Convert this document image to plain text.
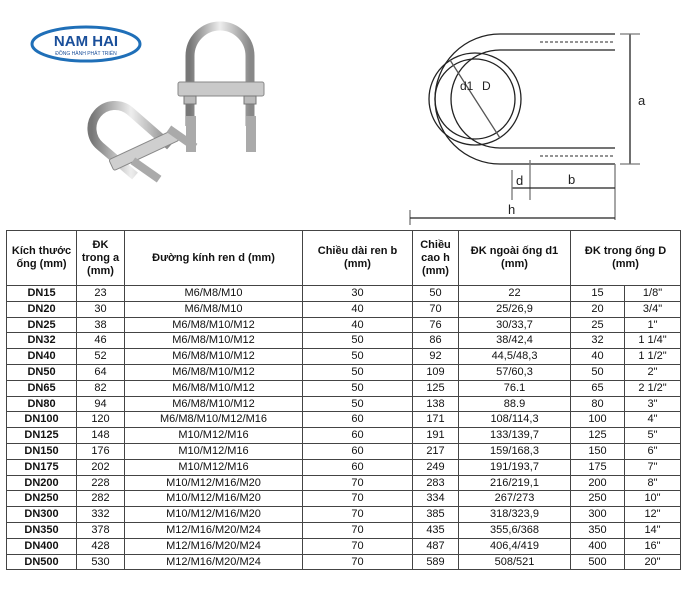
NAM HAI
ĐỒNG HÀNH PHÁT TRIỂN
d1 D
a
d	b
h
Kích thước ống (mm)	ĐK trong a (mm)	Đường kính ren d (mm)	Chiều dài ren b (mm)	Chiều cao h (mm)	ĐK ngoài ống d1 (mm)	ĐK trong ống D (mm)	
DN15	23	M6/M8/M10	30	50	22	15	1/8"
DN20	30	M6/M8/M10	40	70	25/26,9	20	3/4"
DN25	38	M6/M8/M10/M12	40	76	30/33,7	25	1"
DN32	46	M6/M8/M10/M12	50	86	38/42,4	32	1 1/4"
DN40	52	M6/M8/M10/M12	50	92	44,5/48,3	40	1 1/2"
DN50	64	M6/M8/M10/M12	50	109	57/60,3	50	2"
DN65	82	M6/M8/M10/M12	50	125	76.1	65	2 1/2"
DN80	94	M6/M8/M10/M12	50	138	88.9	80	3"
DN100	120	M6/M8/M10/M12/M16	60	171	108/114,3	100	4"
DN125	148	M10/M12/M16	60	191	133/139,7	125	5"
DN150	176	M10/M12/M16	60	217	159/168,3	150	6"
DN175	202	M10/M12/M16	60	249	191/193,7	175	7"
DN200	228	M10/M12/M16/M20	70	283	216/219,1	200	8"
DN250	282	M10/M12/M16/M20	70	334	267/273	250	10"
DN300	332	M10/M12/M16/M20	70	385	318/323,9	300	12"
DN350	378	M12/M16/M20/M24	70	435	355,6/368	350	14"
DN400	428	M12/M16/M20/M24	70	487	406,4/419	400	16"
DN500	530	M12/M16/M20/M24	70	589	508/521	500	20"
